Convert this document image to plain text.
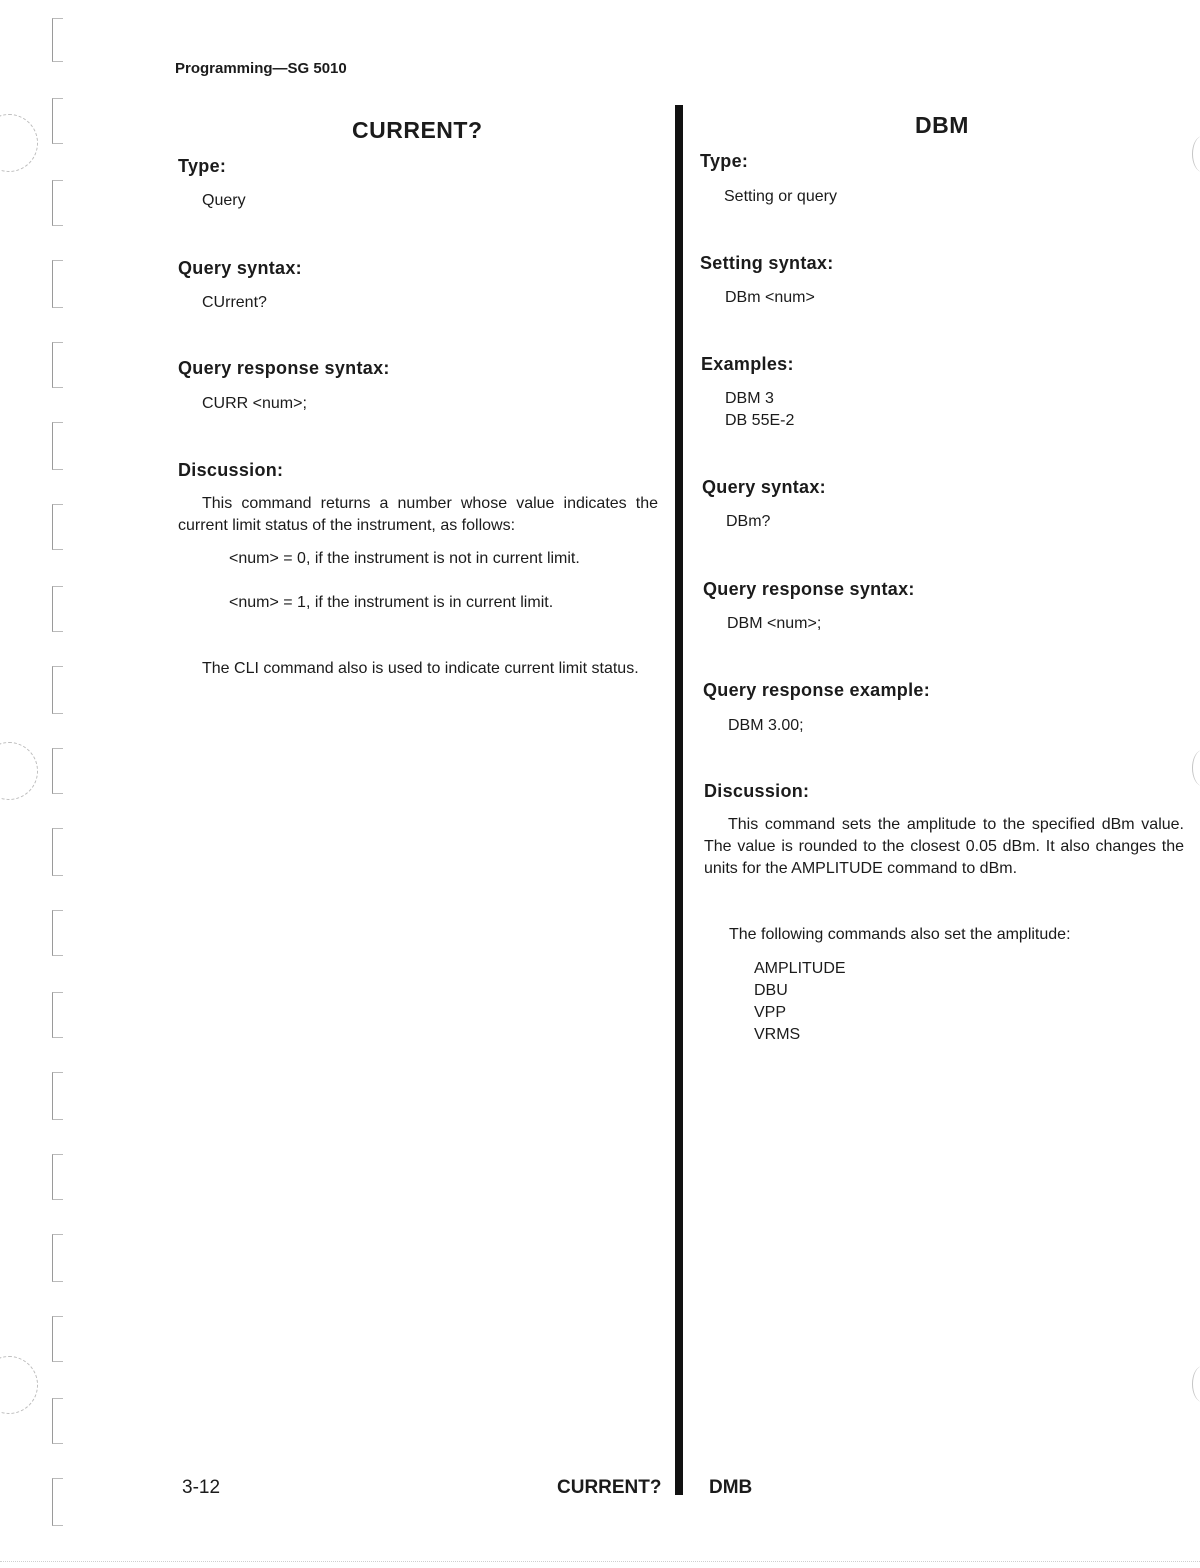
Programming—SG 5010
CURRENT?
Type:
Query
Query syntax:
CUrrent?
Query response syntax:
CURR <num>;
Discussion:
This command returns a number whose value indicates the current limit status of the instrument, as follows:
<num> = 0, if the instrument is not in current limit.
<num> = 1, if the instrument is in current limit.
The CLI command also is used to indicate current limit status.
DBM
Type:
Setting or query
Setting syntax:
DBm <num>
Examples:
DBM 3
DB 55E-2
Query syntax:
DBm?
Query response syntax:
DBM <num>;
Query response example:
DBM 3.00;
Discussion:
This command sets the amplitude to the specified dBm value. The value is rounded to the closest 0.05 dBm. It also changes the units for the AMPLITUDE command to dBm.
The following commands also set the amplitude:
AMPLITUDE
DBU
VPP
VRMS
3-12	CURRENT?	DMB
